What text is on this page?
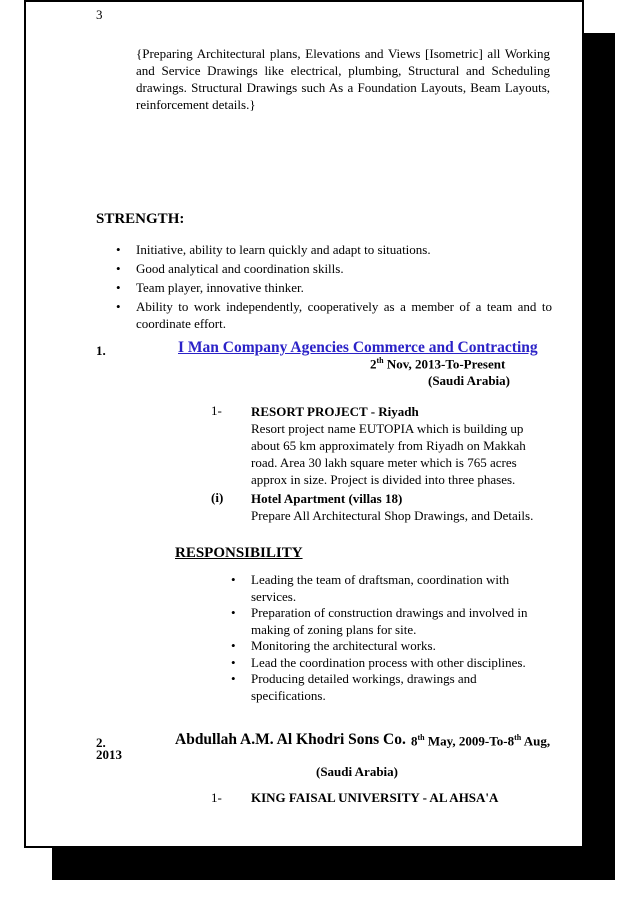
3
{Preparing Architectural plans, Elevations and Views [Isometric] all Working and Service Drawings like electrical, plumbing, Structural and Scheduling drawings. Structural Drawings such As a Foundation Layouts, Beam Layouts, reinforcement details.}
STRENGTH:
• Initiative, ability to learn quickly and adapt to situations.
• Good analytical and coordination skills.
• Team player, innovative thinker.
• Ability to work independently, cooperatively as a member of a team and to coordinate effort.
1.	I Man Company Agencies Commerce and Contracting
2th Nov, 2013-To-Present
(Saudi Arabia)
1- RESORT PROJECT - Riyadh
Resort project name EUTOPIA which is building up about 65 km approximately from Riyadh on Makkah road. Area 30 lakh square meter which is 765 acres approx in size. Project is divided into three phases.
(i) Hotel Apartment (villas 18)
Prepare All Architectural Shop Drawings, and Details.
RESPONSIBILITY
• Leading the team of draftsman, coordination with services.
• Preparation of construction drawings and involved in making of zoning plans for site.
• Monitoring the architectural works.
• Lead the coordination process with other disciplines.
• Producing detailed workings, drawings and specifications.
2.
2013
Abdullah A.M. Al Khodri Sons Co. 8th May, 2009-To-8th Aug,
(Saudi Arabia)
1- KING FAISAL UNIVERSITY - AL AHSA'A
